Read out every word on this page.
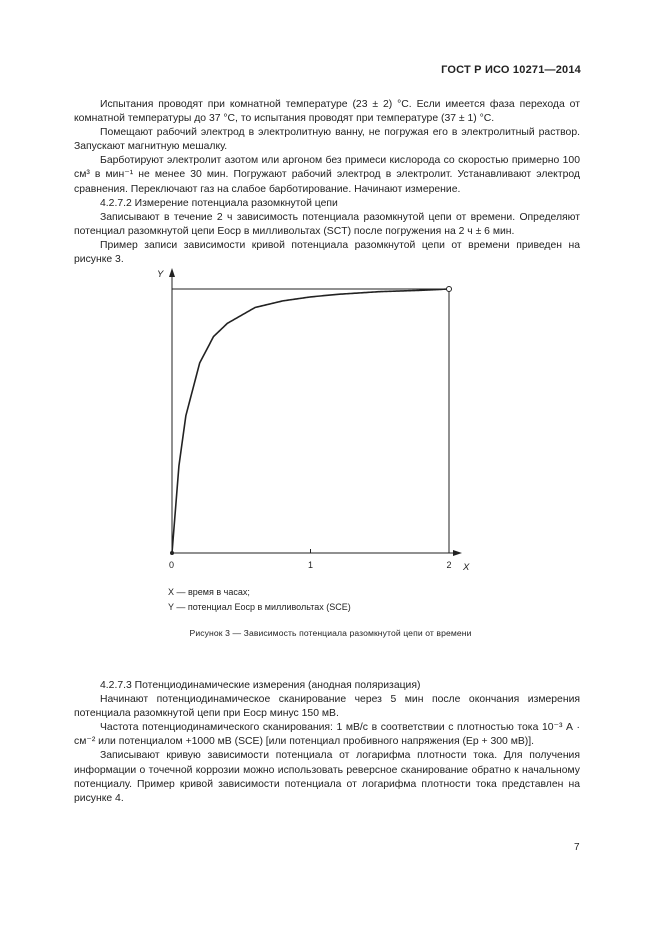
ГОСТ Р ИСО 10271—2014

Испытания проводят при комнатной температуре (23 ± 2) °С. Если имеется фаза перехода от комнатной температуры до 37 °С, то испытания проводят при температуре (37 ± 1) °С.

Помещают рабочий электрод в электролитную ванну, не погружая его в электролитный раствор. Запускают магнитную мешалку.

Барботируют электролит азотом или аргоном без примеси кислорода со скоростью примерно 100 см³ в мин⁻¹ не менее 30 мин. Погружают рабочий электрод в электролит. Устанавливают электрод сравнения. Переключают газ на слабое барботирование. Начинают измерение.

4.2.7.2 Измерение потенциала разомкнутой цепи

Записывают в течение 2 ч зависимость потенциала разомкнутой цепи от времени. Определяют потенциал разомкнутой цепи Eосp в милливольтах (SCT) после погружения на 2 ч ± 6 мин.

Пример записи зависимости кривой потенциала разомкнутой цепи от времени приведен на рисунке 3.

0	1	2 X
Y
X — время в часах;
Y — потенциал Eосp в милливольтах (SCE)
Рисунок 3 — Зависимость потенциала разомкнутой цепи от времени

4.2.7.3 Потенциодинамические измерения (анодная поляризация)

Начинают потенциодинамическое сканирование через 5 мин после окончания измерения потенциала разомкнутой цепи при Eосp минус 150 мВ.

Частота потенциодинамического сканирования: 1 мВ/с в соответствии с плотностью тока 10⁻³ А · см⁻² или потенциалом +1000 мВ (SCE) [или потенциал пробивного напряжения (Ep + 300 мВ)].

Записывают кривую зависимости потенциала от логарифма плотности тока. Для получения информации о точечной коррозии можно использовать реверсное сканирование обратно к начальному потенциалу. Пример кривой зависимости потенциала от логарифма плотности тока представлен на рисунке 4.

7
